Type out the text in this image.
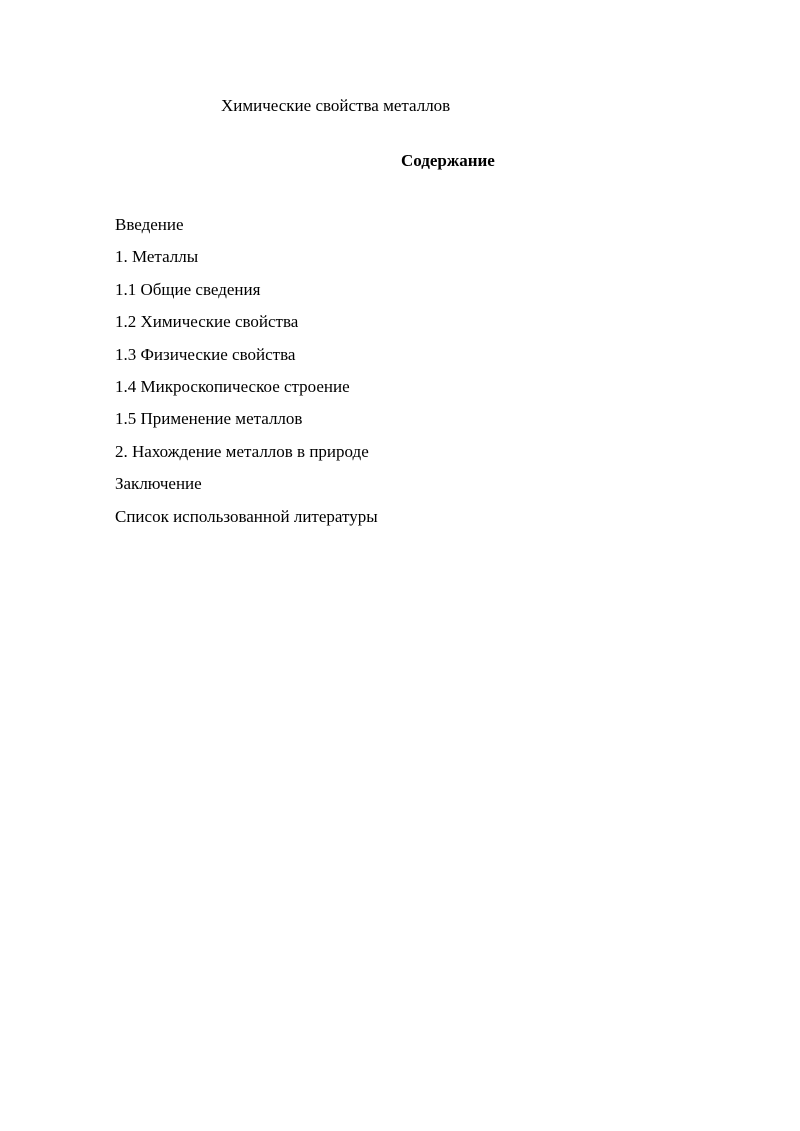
Химические свойства металлов
Содержание
Введение
1. Металлы
1.1 Общие сведения
1.2 Химические свойства
1.3 Физические свойства
1.4 Микроскопическое строение
1.5 Применение металлов
2. Нахождение металлов в природе
Заключение
Список использованной литературы
